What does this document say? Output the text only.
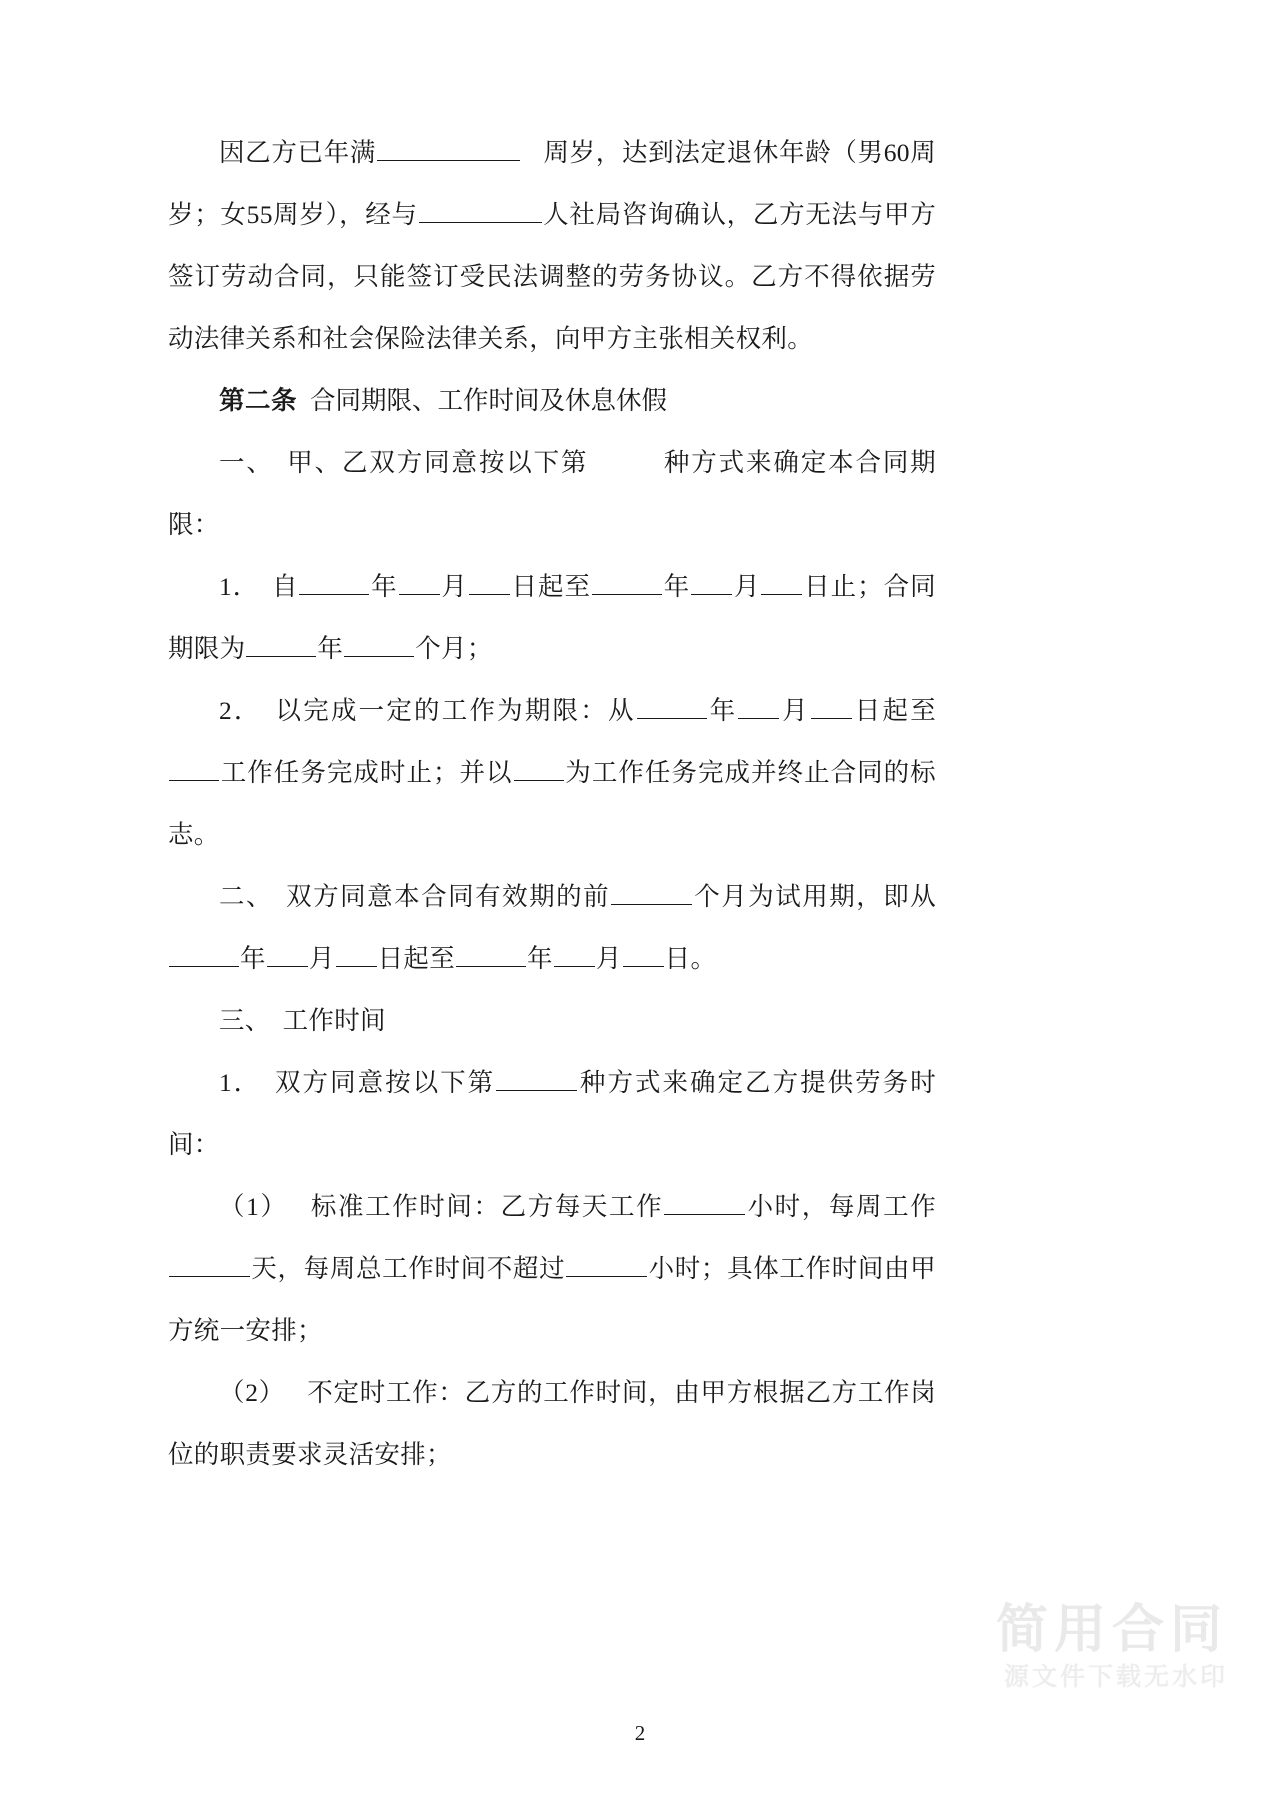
简用合同
源文件下载无水印

因乙方已年满	周岁，达到法定退休年龄（男60周岁；女55周岁），经与	人社局咨询确认，乙方无法与甲方签订劳动合同，只能签订受民法调整的劳务协议。乙方不得依据劳动法律关系和社会保险法律关系，向甲方主张相关权利。

第二条 合同期限、工作时间及休息休假

一、 甲、乙双方同意按以下第	种方式来确定本合同期限：

1． 自	年 月 日起至	年 月 日止；合同期限为	年	个月；

2． 以完成一定的工作为期限：从	年 月 日起至工作任务完成时止；并以 为工作任务完成并终止合同的标志。

二、 双方同意本合同有效期的前	个月为试用期，即从年 月 日起至	年 月 日。

三、 工作时间

1． 双方同意按以下第	种方式来确定乙方提供劳务时间：

（1） 标准工作时间：乙方每天工作	小时，每周工作天，每周总工作时间不超过	小时；具体工作时间由甲方统一安排；

（2） 不定时工作：乙方的工作时间，由甲方根据乙方工作岗位的职责要求灵活安排；

2
